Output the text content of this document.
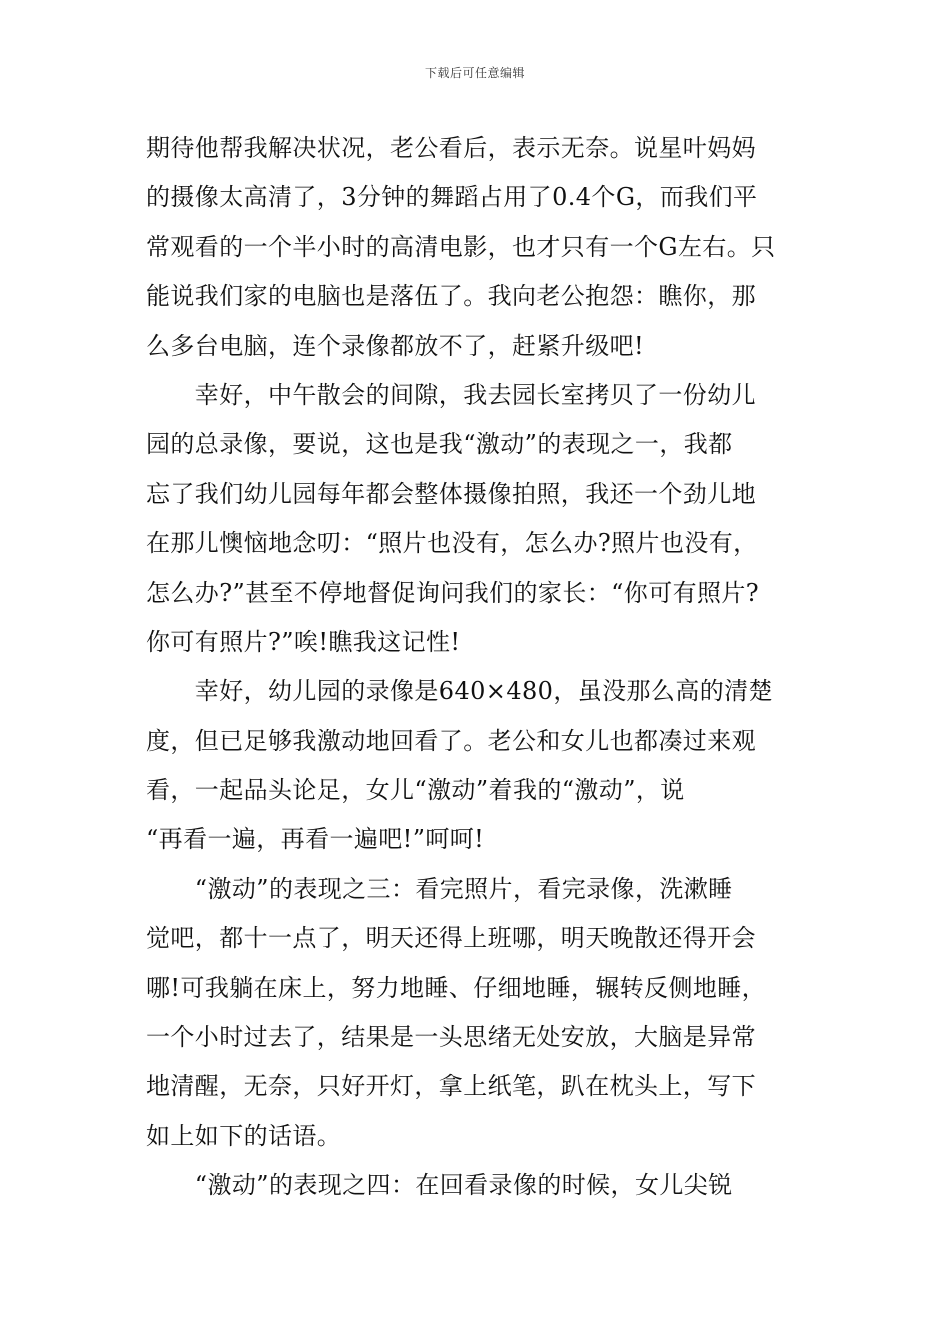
下载后可任意编辑
期待他帮我解决状况，老公看后，表示无奈。说星叶妈妈
的摄像太高清了，3分钟的舞蹈占用了0.4个G，而我们平
常观看的一个半小时的高清电影，也才只有一个G左右。只
能说我们家的电脑也是落伍了。我向老公抱怨：瞧你，那
么多台电脑，连个录像都放不了，赶紧升级吧!
　　幸好，中午散会的间隙，我去园长室拷贝了一份幼儿
园的总录像，要说，这也是我“激动”的表现之一，我都
忘了我们幼儿园每年都会整体摄像拍照，我还一个劲儿地
在那儿懊恼地念叨：“照片也没有，怎么办?照片也没有，
怎么办?”甚至不停地督促询问我们的家长：“你可有照片?
你可有照片?”唉!瞧我这记性!
　　幸好，幼儿园的录像是640×480，虽没那么高的清楚
度，但已足够我激动地回看了。老公和女儿也都凑过来观
看，一起品头论足，女儿“激动”着我的“激动”，说
“再看一遍，再看一遍吧!”呵呵!
　　“激动”的表现之三：看完照片，看完录像，洗漱睡
觉吧，都十一点了，明天还得上班哪，明天晚散还得开会
哪!可我躺在床上，努力地睡、仔细地睡，辗转反侧地睡，
一个小时过去了，结果是一头思绪无处安放，大脑是异常
地清醒，无奈，只好开灯，拿上纸笔，趴在枕头上，写下
如上如下的话语。
　　“激动”的表现之四：在回看录像的时候，女儿尖锐
